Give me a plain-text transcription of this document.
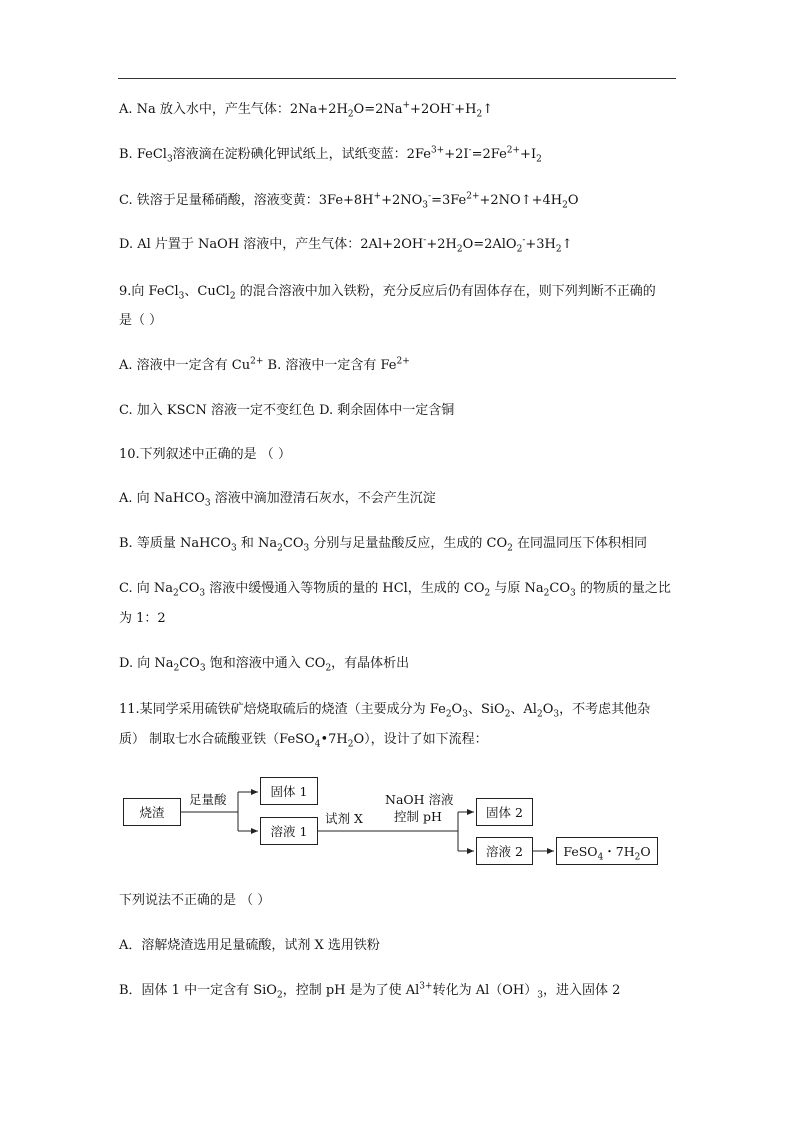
A. Na 放入水中，产生气体：$2Na+2H_2O=2Na^++2OH^-+H_2↑$
B. FeCl$_3$溶液滴在淀粉碘化钾试纸上，试纸变蓝：$2Fe^{3+}+2I^-=2Fe^{2+}+I_2$
C. 铁溶于足量稀硝酸，溶液变黄：$3Fe+8H^++2NO_3^-=3Fe^{2+}+2NO↑+4H_2O$
D. Al 片置于 NaOH 溶液中，产生气体：$2Al+2OH^-+2H_2O=2AlO_2^-+3H_2↑$
9.向 FeCl$_3$、CuCl$_2$ 的混合溶液中加入铁粉，充分反应后仍有固体存在，则下列判断不正确的
是（ ）
A. 溶液中一定含有 $Cu^{2+}$ B. 溶液中一定含有 $Fe^{2+}$
C. 加入 KSCN 溶液一定不变红色 D. 剩余固体中一定含铜
10.下列叙述中正确的是 （ ）
A. 向 NaHCO$_3$ 溶液中滴加澄清石灰水，不会产生沉淀
B. 等质量 NaHCO$_3$ 和 $Na_2CO_3$ 分别与足量盐酸反应，生成的 $CO_2$ 在同温同压下体积相同
C. 向 $Na_2CO_3$ 溶液中缓慢通入等物质的量的 HCl，生成的 $CO_2$ 与原 $Na_2CO_3$ 的物质的量之比
为 1：2
D. 向 $Na_2CO_3$ 饱和溶液中通入 $CO_2$，有晶体析出
11.某同学采用硫铁矿焙烧取硫后的烧渣（主要成分为 $Fe_2O_3$、SiO$_2$、$Al_2O_3$，不考虑其他杂
质） 制取七水合硫酸亚铁$(FeSO_4•7H_2O)$，设计了如下流程：
下列说法不正确的是 （ ）
A．溶解烧渣选用足量硫酸，试剂 X 选用铁粉
B．固体 1 中一定含有 SiO$_2$，控制 pH 是为了使 $Al^{3+}$转化为 $Al(OH)_3$，进入固体 2
烧渣
足量酸
固体 1
溶液 1
试剂 X
NaOH 溶液
控制 pH	固体 2
溶液 2	FeSO$_4$・$7H_2O$
